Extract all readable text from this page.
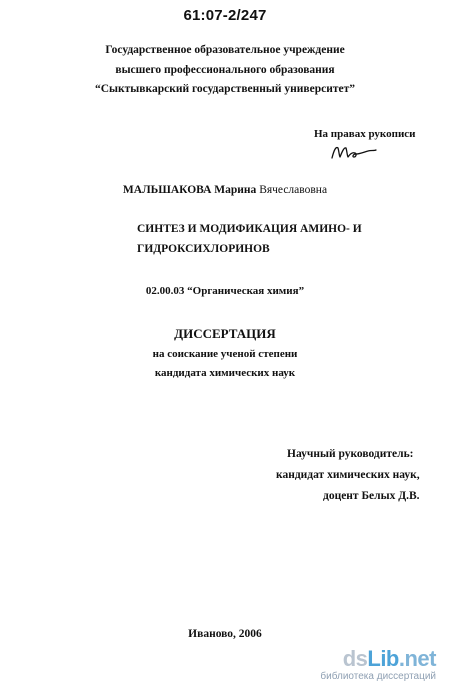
61:07-2/247
Государственное образовательное учреждение
высшего профессионального образования
“Сыктывкарский государственный университет”
На правах рукописи
МАЛЬШАКОВА Марина Вячеславовна
СИНТЕЗ И МОДИФИКАЦИЯ АМИНО- И
ГИДРОКСИХЛОРИНОВ
02.00.03 “Органическая химия”
ДИССЕРТАЦИЯ
на соискание ученой степени
кандидата химических наук
Научный руководитель:
кандидат химических наук,
доцент Белых Д.В.
Иваново, 2006
dsLib.net
библиотека диссертаций
